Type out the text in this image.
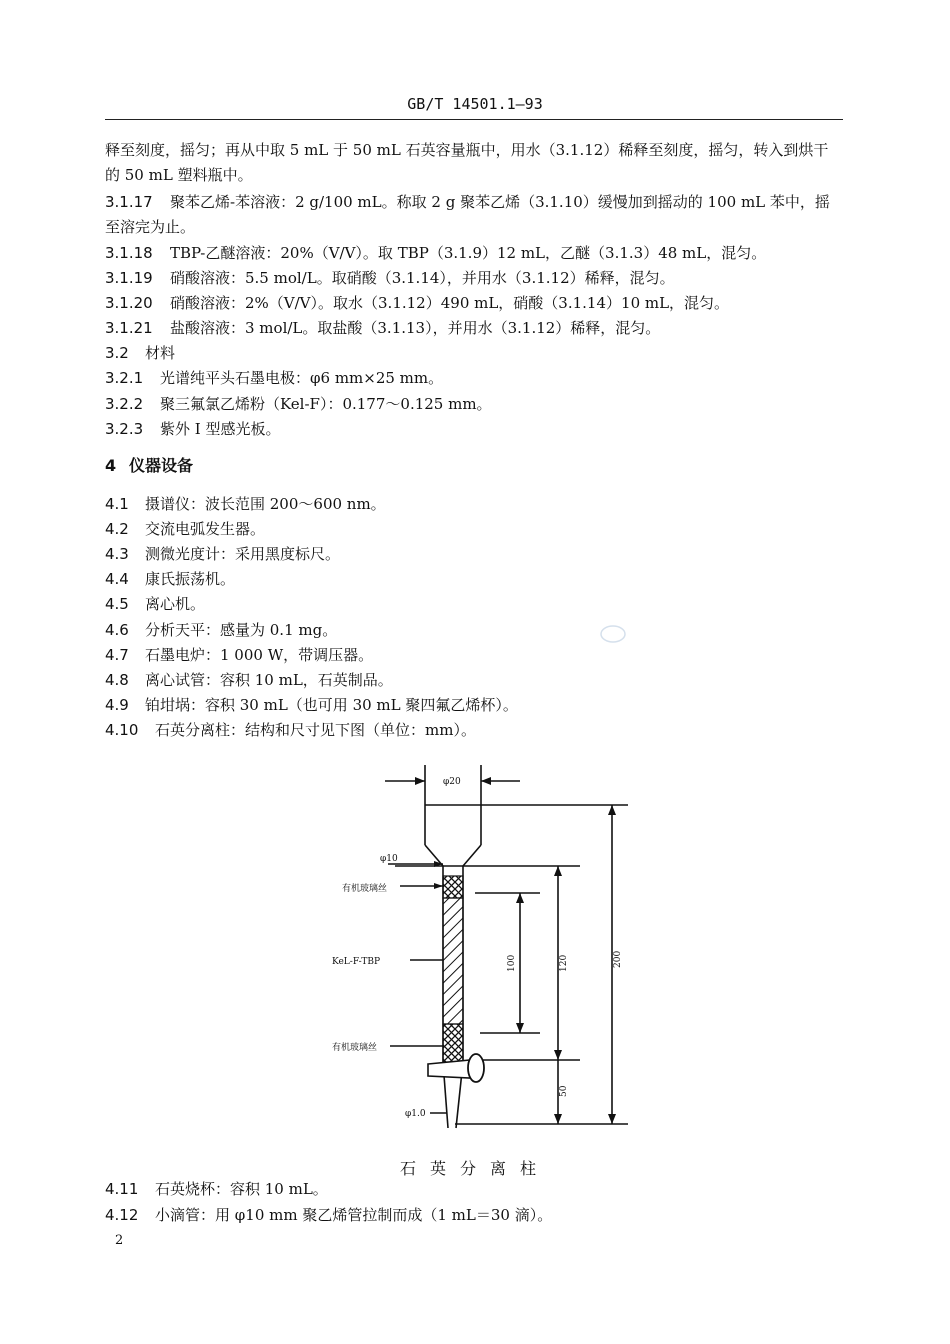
GB/T 14501.1—93
释至刻度，摇匀；再从中取 5 mL 于 50 mL 石英容量瓶中，用水（3.1.12）稀释至刻度，摇匀，转入到烘干
的 50 mL 塑料瓶中。
3.1.17 聚苯乙烯-苯溶液：2 g/100 mL。称取 2 g 聚苯乙烯（3.1.10）缓慢加到摇动的 100 mL 苯中，摇
至溶完为止。
3.1.18 TBP-乙醚溶液：20%（V/V）。取 TBP（3.1.9）12 mL，乙醚（3.1.3）48 mL，混匀。
3.1.19 硝酸溶液：5.5 mol/L。取硝酸（3.1.14），并用水（3.1.12）稀释，混匀。
3.1.20 硝酸溶液：2%（V/V）。取水（3.1.12）490 mL，硝酸（3.1.14）10 mL，混匀。
3.1.21 盐酸溶液：3 mol/L。取盐酸（3.1.13），并用水（3.1.12）稀释，混匀。
3.2 材料
3.2.1 光谱纯平头石墨电极：φ6 mm×25 mm。
3.2.2 聚三氟氯乙烯粉（Kel-F）：0.177～0.125 mm。
3.2.3 紫外 I 型感光板。
4 仪器设备
4.1 摄谱仪：波长范围 200～600 nm。
4.2 交流电弧发生器。
4.3 测微光度计：采用黑度标尺。
4.4 康氏振荡机。
4.5 离心机。
4.6 分析天平：感量为 0.1 mg。
4.7 石墨电炉：1 000 W，带调压器。
4.8 离心试管：容积 10 mL，石英制品。
4.9 铂坩埚：容积 30 mL（也可用 30 mL 聚四氟乙烯杯）。
4.10 石英分离柱：结构和尺寸见下图（单位：mm）。
φ20
φ10
有机玻璃丝
KeL-F-TBP
有机玻璃丝
φ1.0
100	120	200
50
石英分离柱
4.11 石英烧杯：容积 10 mL。
4.12 小滴管：用 φ10 mm 聚乙烯管拉制而成（1 mL＝30 滴）。
2
